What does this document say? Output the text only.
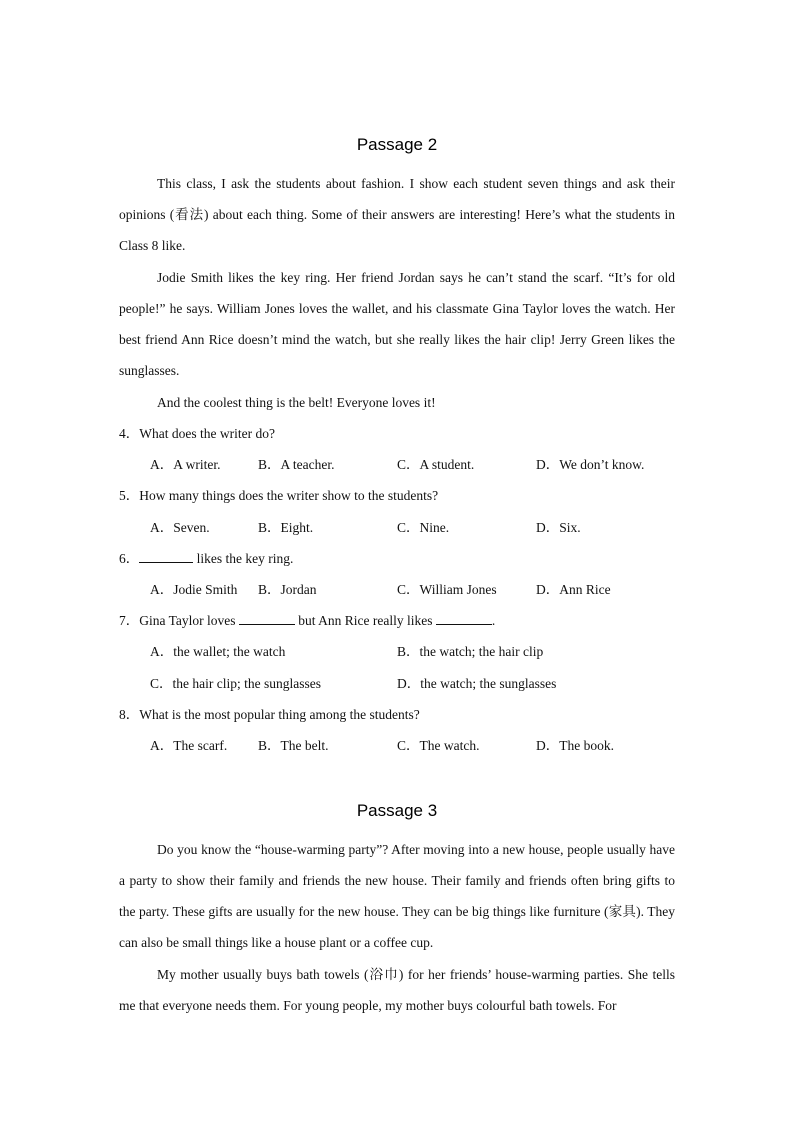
Passage 2

This class, I ask the students about fashion. I show each student seven things and ask their opinions (看法) about each thing. Some of their answers are interesting! Here’s what the students in Class 8 like.

Jodie Smith likes the key ring. Her friend Jordan says he can’t stand the scarf. “It’s for old people!” he says. William Jones loves the wallet, and his classmate Gina Taylor loves the watch. Her best friend Ann Rice doesn’t mind the watch, but she really likes the hair clip! Jerry Green likes the sunglasses.

And the coolest thing is the belt! Everyone loves it!

4．What does the writer do?
A．A writer.	B．A teacher.	C．A student.	D．We don’t know.
5．How many things does the writer show to the students?
A．Seven.	B．Eight.	C．Nine.	D．Six.
6．	likes the key ring.
A．Jodie Smith B．Jordan	C．William Jones	D．Ann Rice
7．Gina Taylor loves	but Ann Rice really likes	.
A．the wallet; the watch	B．the watch; the hair clip
C．the hair clip; the sunglasses	D．the watch; the sunglasses
8．What is the most popular thing among the students?
A．The scarf. B．The belt.	C．The watch.	D．The book.
Passage 3

Do you know the “house-warming party”? After moving into a new house, people usually have a party to show their family and friends the new house. Their family and friends often bring gifts to the party. These gifts are usually for the new house. They can be big things like furniture (家具). They can also be small things like a house plant or a coffee cup.

My mother usually buys bath towels (浴巾) for her friends’ house-warming parties. She tells me that everyone needs them. For young people, my mother buys colourful bath towels. For
